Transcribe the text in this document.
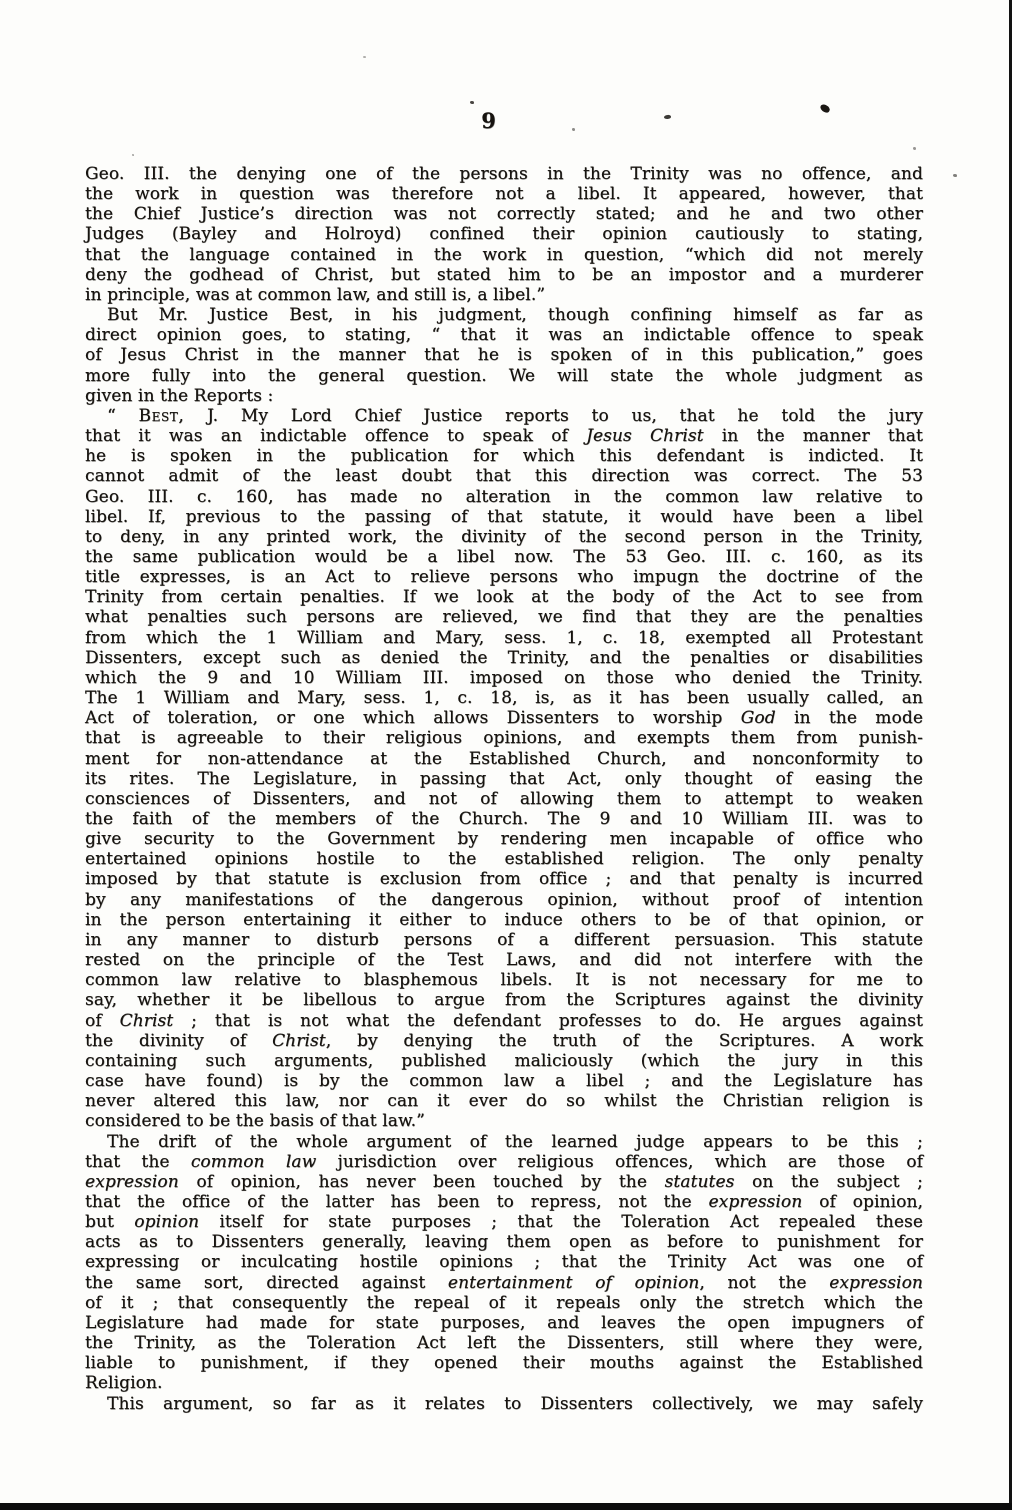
9
Geo. III. the denying one of the persons in the Trinity was no offence, and
the work in question was therefore not a libel. It appeared, however, that
the Chief Justice’s direction was not correctly stated; and he and two other
Judges (Bayley and Holroyd) confined their opinion cautiously to stating,
that the language contained in the work in question, “which did not merely
deny the godhead of Christ, but stated him to be an impostor and a murderer
in principle, was at common law, and still is, a libel.”
But Mr. Justice Best, in his judgment, though confining himself as far as
direct opinion goes, to stating, “ that it was an indictable offence to speak
of Jesus Christ in the manner that he is spoken of in this publication,” goes
more fully into the general question. We will state the whole judgment as
given in the Reports :
“ Best, J. My Lord Chief Justice reports to us, that he told the jury
that it was an indictable offence to speak of Jesus Christ in the manner that
he is spoken in the publication for which this defendant is indicted. It
cannot admit of the least doubt that this direction was correct. The 53
Geo. III. c. 160, has made no alteration in the common law relative to
libel. If, previous to the passing of that statute, it would have been a libel
to deny, in any printed work, the divinity of the second person in the Trinity,
the same publication would be a libel now. The 53 Geo. III. c. 160, as its
title expresses, is an Act to relieve persons who impugn the doctrine of the
Trinity from certain penalties. If we look at the body of the Act to see from
what penalties such persons are relieved, we find that they are the penalties
from which the 1 William and Mary, sess. 1, c. 18, exempted all Protestant
Dissenters, except such as denied the Trinity, and the penalties or disabilities
which the 9 and 10 William III. imposed on those who denied the Trinity.
The 1 William and Mary, sess. 1, c. 18, is, as it has been usually called, an
Act of toleration, or one which allows Dissenters to worship God in the mode
that is agreeable to their religious opinions, and exempts them from punish-
ment for non-attendance at the Established Church, and nonconformity to
its rites. The Legislature, in passing that Act, only thought of easing the
consciences of Dissenters, and not of allowing them to attempt to weaken
the faith of the members of the Church. The 9 and 10 William III. was to
give security to the Government by rendering men incapable of office who
entertained opinions hostile to the established religion. The only penalty
imposed by that statute is exclusion from office ; and that penalty is incurred
by any manifestations of the dangerous opinion, without proof of intention
in the person entertaining it either to induce others to be of that opinion, or
in any manner to disturb persons of a different persuasion. This statute
rested on the principle of the Test Laws, and did not interfere with the
common law relative to blasphemous libels. It is not necessary for me to
say, whether it be libellous to argue from the Scriptures against the divinity
of Christ ; that is not what the defendant professes to do. He argues against
the divinity of Christ, by denying the truth of the Scriptures. A work
containing such arguments, published maliciously (which the jury in this
case have found) is by the common law a libel ; and the Legislature has
never altered this law, nor can it ever do so whilst the Christian religion is
considered to be the basis of that law.”
The drift of the whole argument of the learned judge appears to be this ;
that the common law jurisdiction over religious offences, which are those of
expression of opinion, has never been touched by the statutes on the subject ;
that the office of the latter has been to repress, not the expression of opinion,
but opinion itself for state purposes ; that the Toleration Act repealed these
acts as to Dissenters generally, leaving them open as before to punishment for
expressing or inculcating hostile opinions ; that the Trinity Act was one of
the same sort, directed against entertainment of opinion, not the expression
of it ; that consequently the repeal of it repeals only the stretch which the
Legislature had made for state purposes, and leaves the open impugners of
the Trinity, as the Toleration Act left the Dissenters, still where they were,
liable to punishment, if they opened their mouths against the Established
Religion.
This argument, so far as it relates to Dissenters collectively, we may safely
